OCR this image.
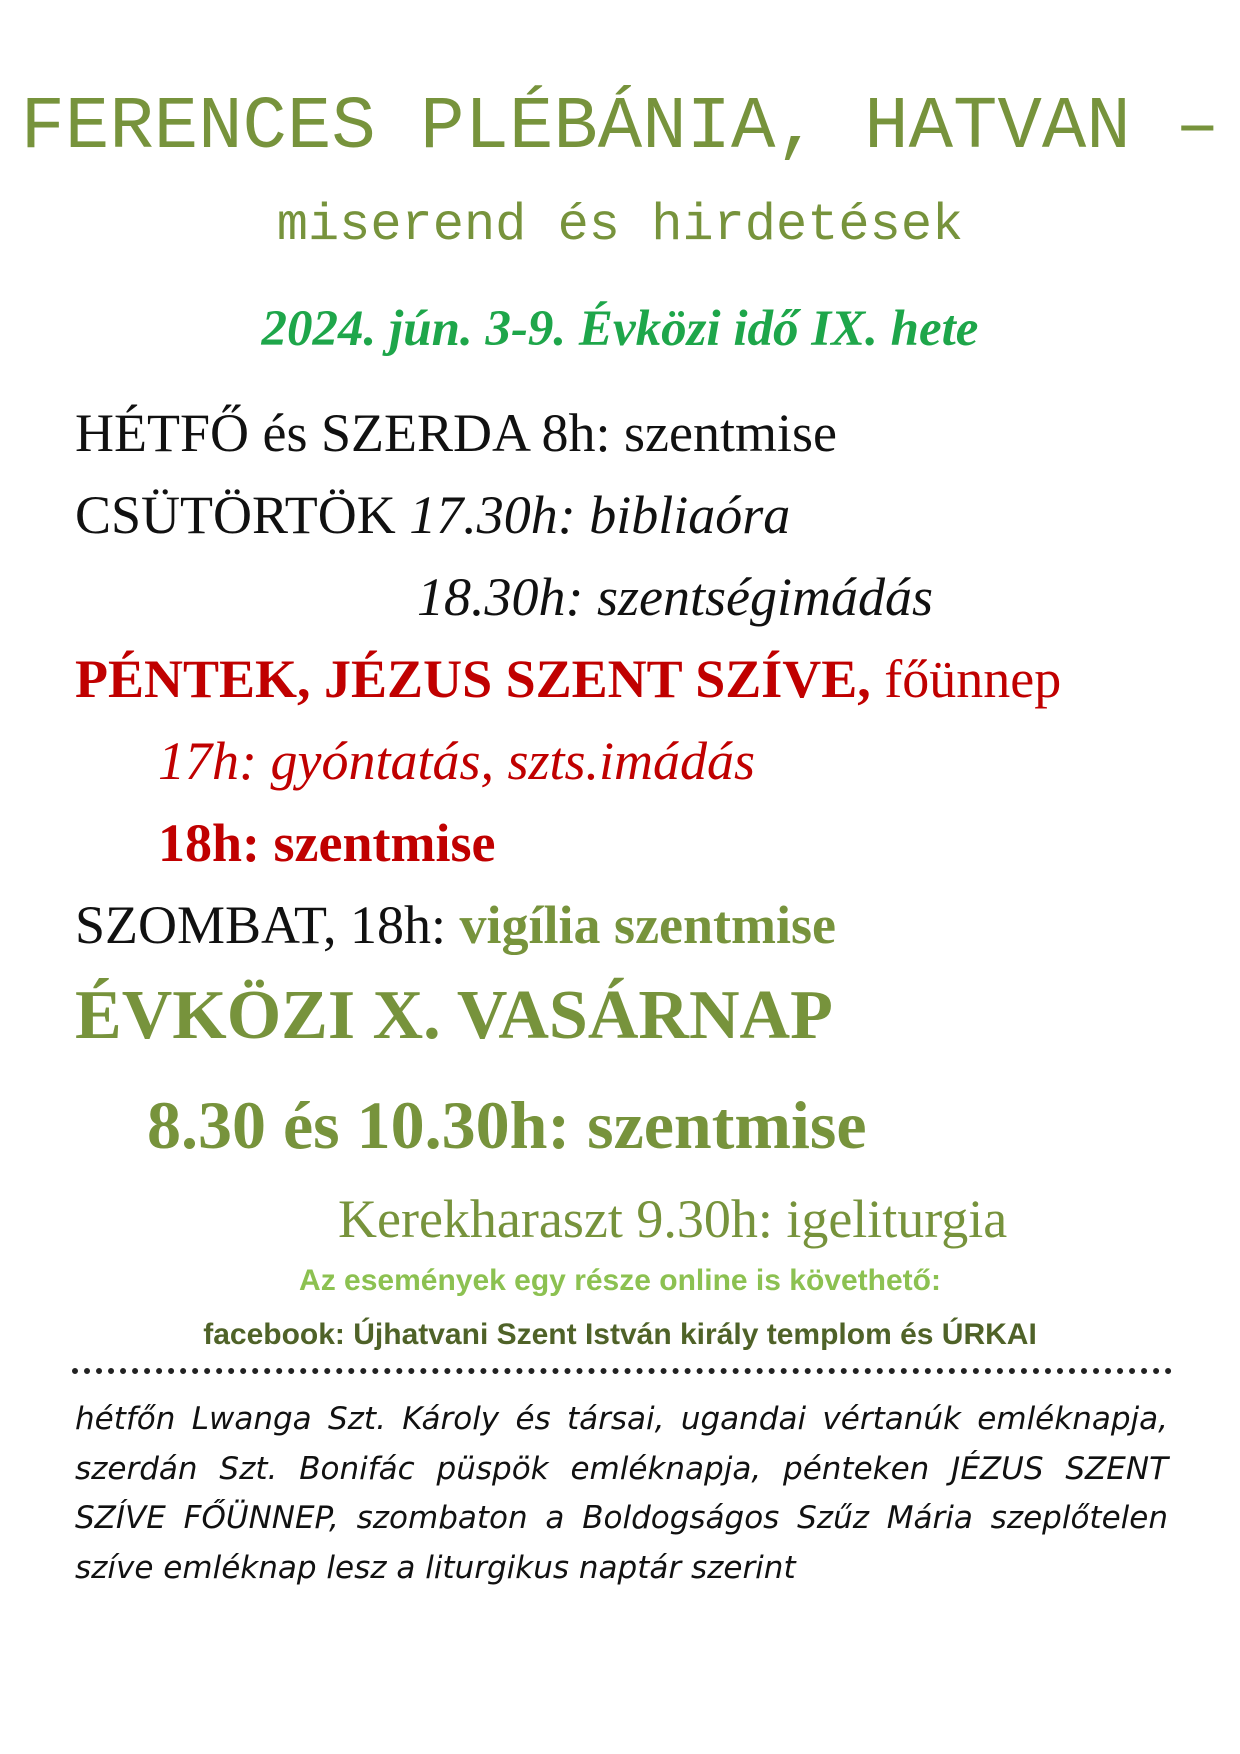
FERENCES PLÉBÁNIA, HATVAN –
miserend és hirdetések
2024. jún. 3-9. Évközi idő IX. hete
HÉTFŐ és SZERDA 8h: szentmise
CSÜTÖRTÖK 17.30h: bibliaóra
18.30h: szentségimádás
PÉNTEK, JÉZUS SZENT SZÍVE, főünnep
17h: gyóntatás, szts.imádás
18h: szentmise
SZOMBAT, 18h: vigília szentmise
ÉVKÖZI X. VASÁRNAP
8.30 és 10.30h: szentmise
Kerekharaszt 9.30h: igeliturgia
Az események egy része online is követhető:
facebook: Újhatvani Szent István király templom és ÚRKAI

hétfőn Lwanga Szt. Károly és társai, ugandai vértanúk emléknapja, szerdán Szt. Bonifác püspök emléknapja, pénteken JÉZUS SZENT SZÍVE FŐÜNNEP, szombaton a Boldogságos Szűz Mária szeplőtelen szíve emléknap lesz a liturgikus naptár szerint
